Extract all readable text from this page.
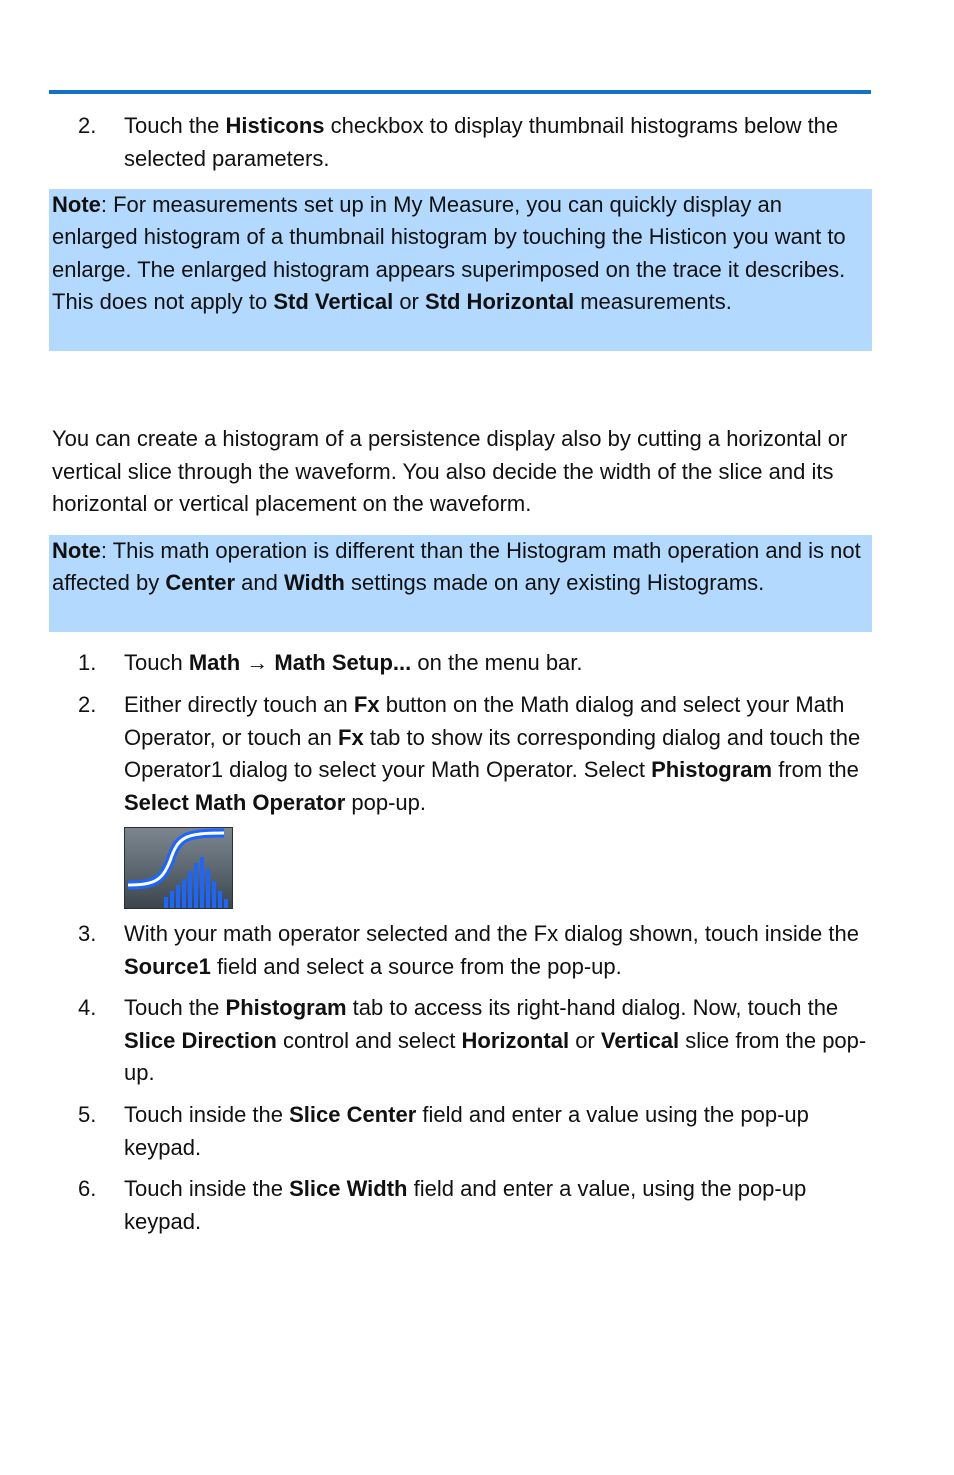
2. Touch the Histicons checkbox to display thumbnail histograms below the selected parameters.
Note: For measurements set up in My Measure, you can quickly display an enlarged histogram of a thumbnail histogram by touching the Histicon you want to enlarge. The enlarged histogram appears superimposed on the trace it describes. This does not apply to Std Vertical or Std Horizontal measurements.
You can create a histogram of a persistence display also by cutting a horizontal or vertical slice through the waveform. You also decide the width of the slice and its horizontal or vertical placement on the waveform.
Note: This math operation is different than the Histogram math operation and is not affected by Center and Width settings made on any existing Histograms.
1. Touch Math → Math Setup... on the menu bar.
2. Either directly touch an Fx button on the Math dialog and select your Math Operator, or touch an Fx tab to show its corresponding dialog and touch the Operator1 dialog to select your Math Operator. Select Phistogram from the Select Math Operator pop-up.
3. With your math operator selected and the Fx dialog shown, touch inside the Source1 field and select a source from the pop-up.
4. Touch the Phistogram tab to access its right-hand dialog. Now, touch the Slice Direction control and select Horizontal or Vertical slice from the pop-up.
5. Touch inside the Slice Center field and enter a value using the pop-up keypad.
6. Touch inside the Slice Width field and enter a value, using the pop-up keypad.
